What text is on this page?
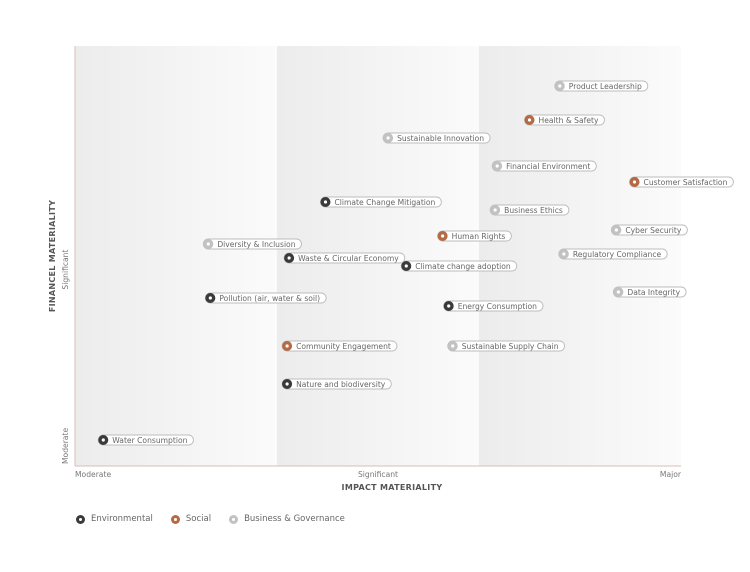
Moderate	Significant	Major
Moderate
Significant
IMPACT MATERIALITY
FINANCEL MATERIALITY
Product Leadership
Health & Safety
Sustainable Innovation
Financial Environment
Customer Satisfaction
Climate Change Mitigation
Business Ethics
Cyber Security
Human Rights
Diversity & Inclusion
Regulatory Compliance
Waste & Circular Economy
Climate change adoption
Data Integrity
Pollution (air, water & soil)
Energy Consumption
Community Engagement	Sustainable Supply Chain
Nature and biodiversity
Water Consumption
Environmental	Social	Business & Governance
